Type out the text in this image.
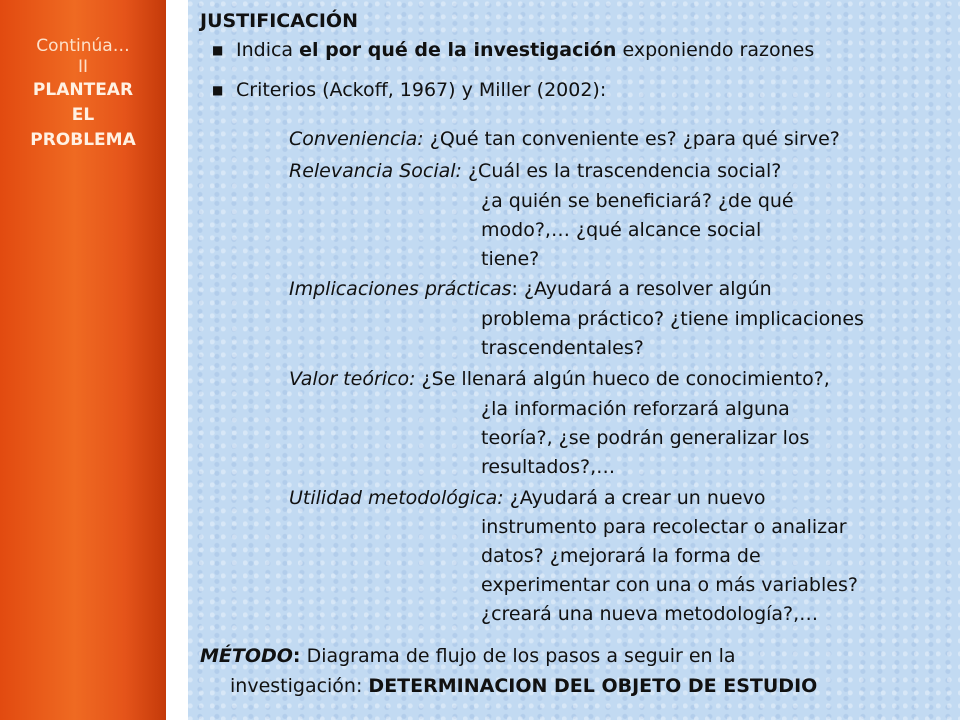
Continúa…
II
PLANTEAR
EL
PROBLEMA
JUSTIFICACIÓN
■ Indica el por qué de la investigación exponiendo razones
■ Criterios (Ackoff, 1967) y Miller (2002):
Conveniencia: ¿Qué tan conveniente es? ¿para qué sirve?
Relevancia Social: ¿Cuál es la trascendencia social?
¿a quién se beneficiará? ¿de qué
modo?,… ¿qué alcance social
tiene?
Implicaciones prácticas: ¿Ayudará a resolver algún
problema práctico? ¿tiene implicaciones
trascendentales?
Valor teórico: ¿Se llenará algún hueco de conocimiento?,
¿la información reforzará alguna
teoría?, ¿se podrán generalizar los
resultados?,…
Utilidad metodológica: ¿Ayudará a crear un nuevo
instrumento para recolectar o analizar
datos? ¿mejorará la forma de
experimentar con una o más variables?
¿creará una nueva metodología?,…
MÉTODO: Diagrama de flujo de los pasos a seguir en la
investigación: DETERMINACION DEL OBJETO DE ESTUDIO
